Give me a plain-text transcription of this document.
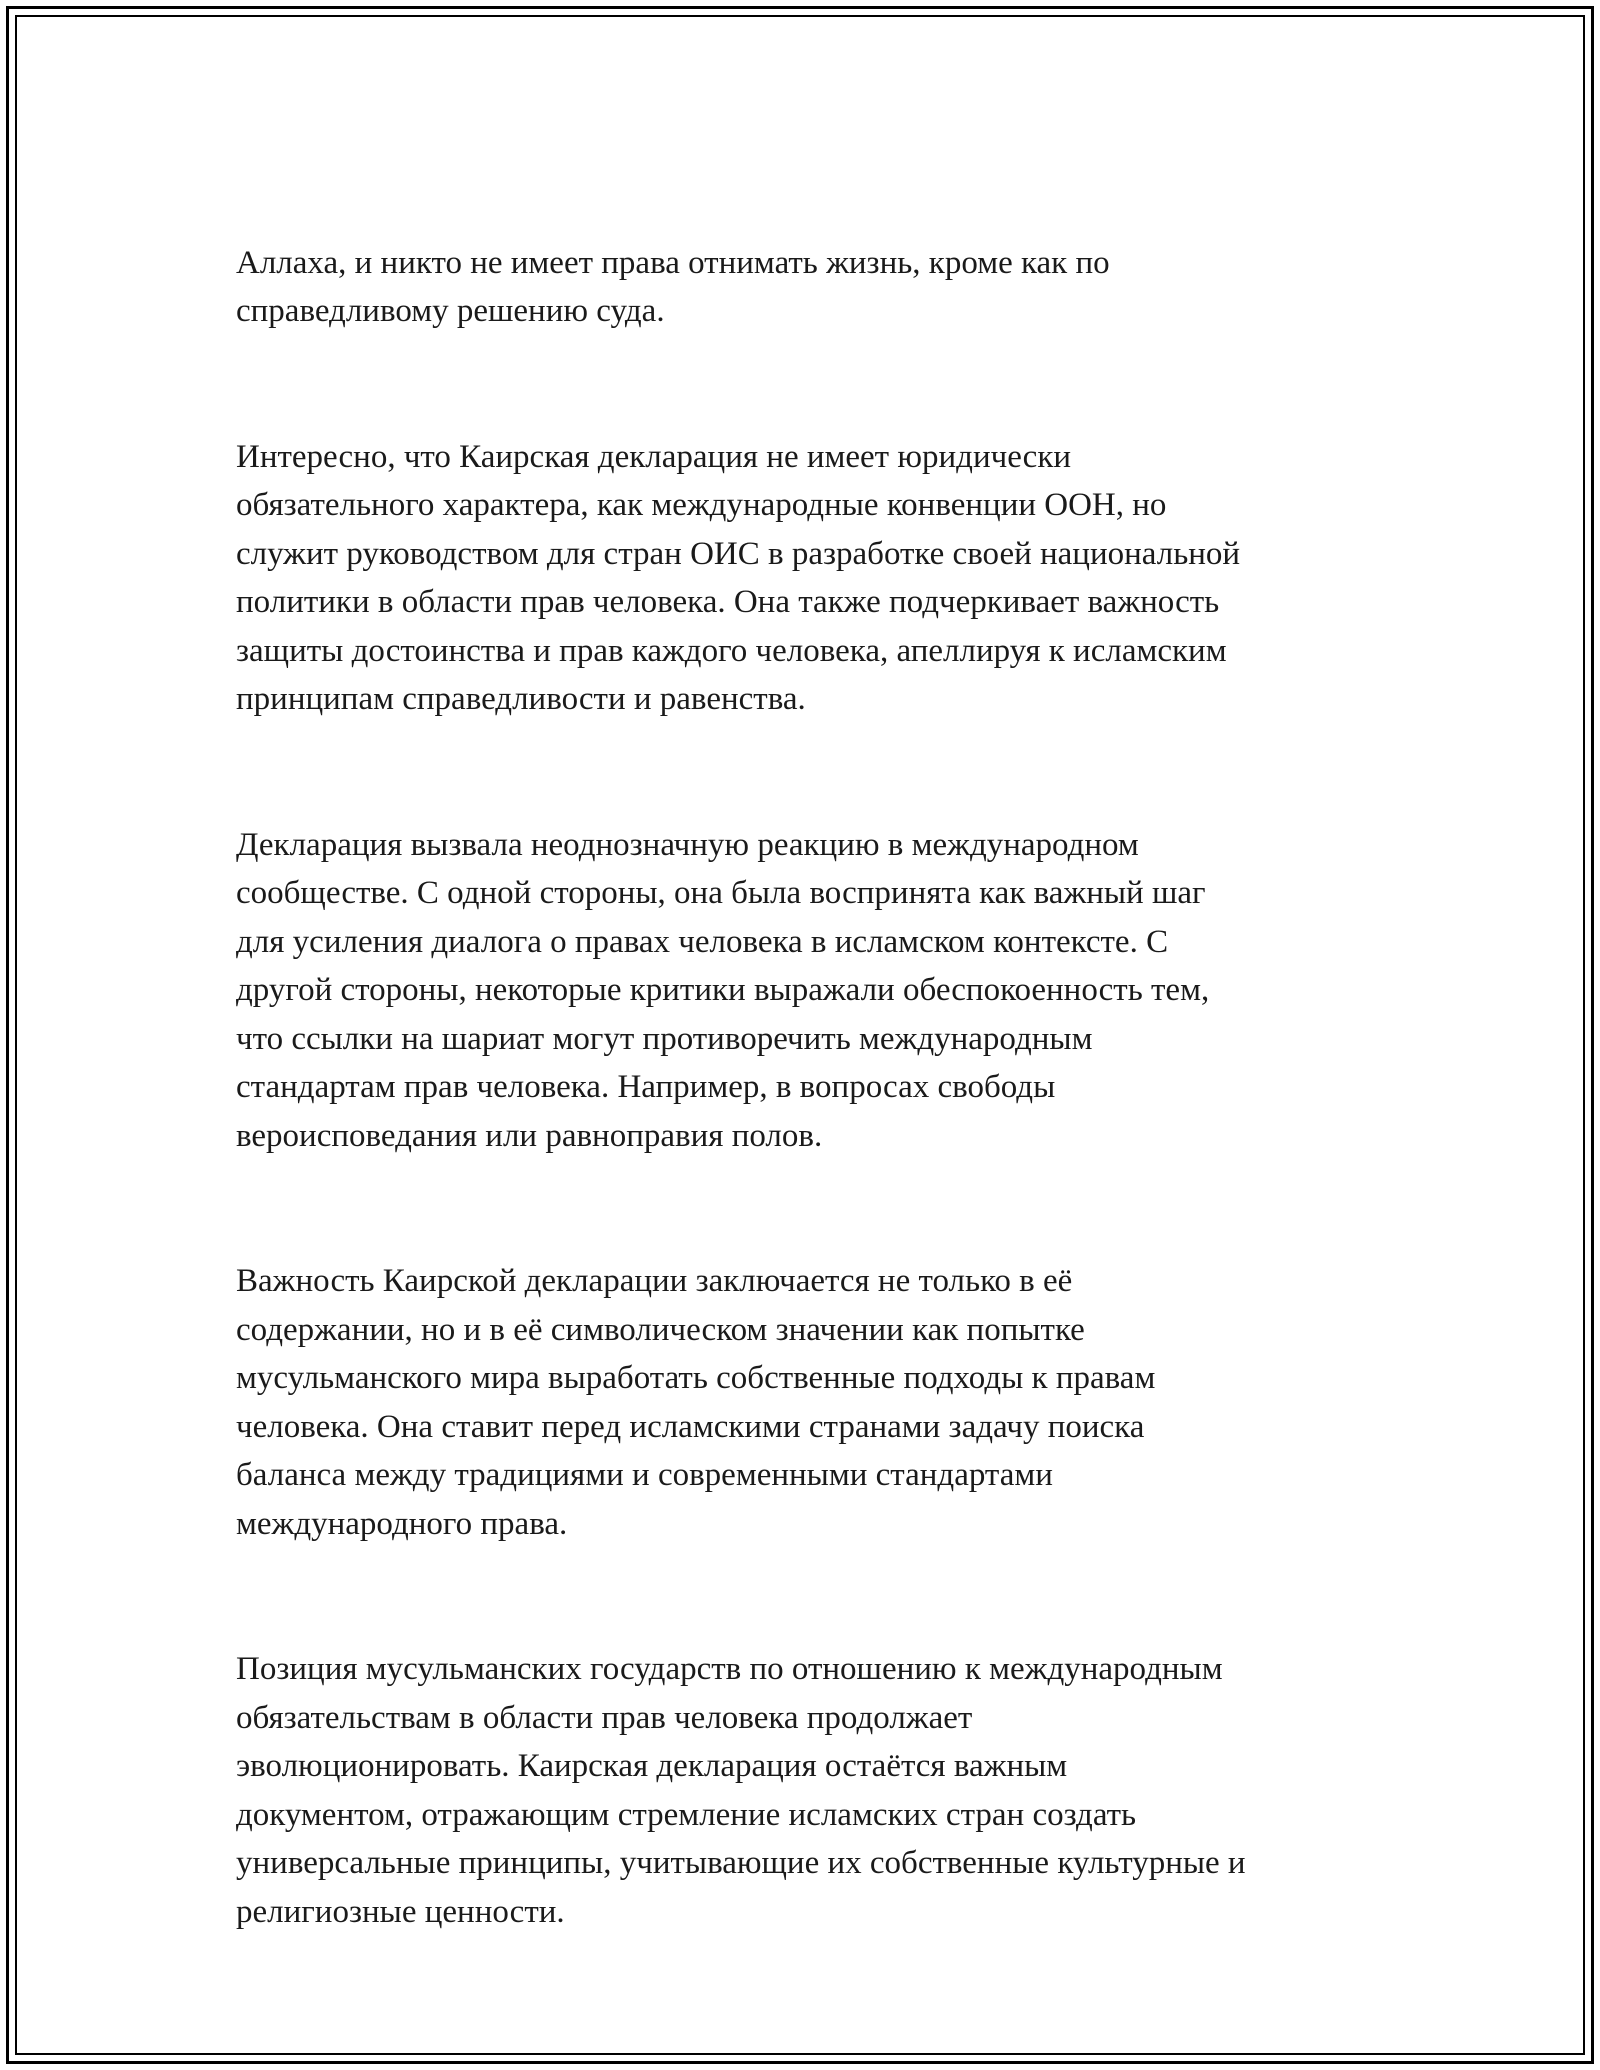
Аллаха, и никто не имеет права отнимать жизнь, кроме как по
справедливому решению суда.

Интересно, что Каирская декларация не имеет юридически
обязательного характера, как международные конвенции ООН, но
служит руководством для стран ОИС в разработке своей национальной
политики в области прав человека. Она также подчеркивает важность
защиты достоинства и прав каждого человека, апеллируя к исламским
принципам справедливости и равенства.

Декларация вызвала неоднозначную реакцию в международном
сообществе. С одной стороны, она была воспринята как важный шаг
для усиления диалога о правах человека в исламском контексте. С
другой стороны, некоторые критики выражали обеспокоенность тем,
что ссылки на шариат могут противоречить международным
стандартам прав человека. Например, в вопросах свободы
вероисповедания или равноправия полов.

Важность Каирской декларации заключается не только в её
содержании, но и в её символическом значении как попытке
мусульманского мира выработать собственные подходы к правам
человека. Она ставит перед исламскими странами задачу поиска
баланса между традициями и современными стандартами
международного права.

Позиция мусульманских государств по отношению к международным
обязательствам в области прав человека продолжает
эволюционировать. Каирская декларация остаётся важным
документом, отражающим стремление исламских стран создать
универсальные принципы, учитывающие их собственные культурные и
религиозные ценности.
